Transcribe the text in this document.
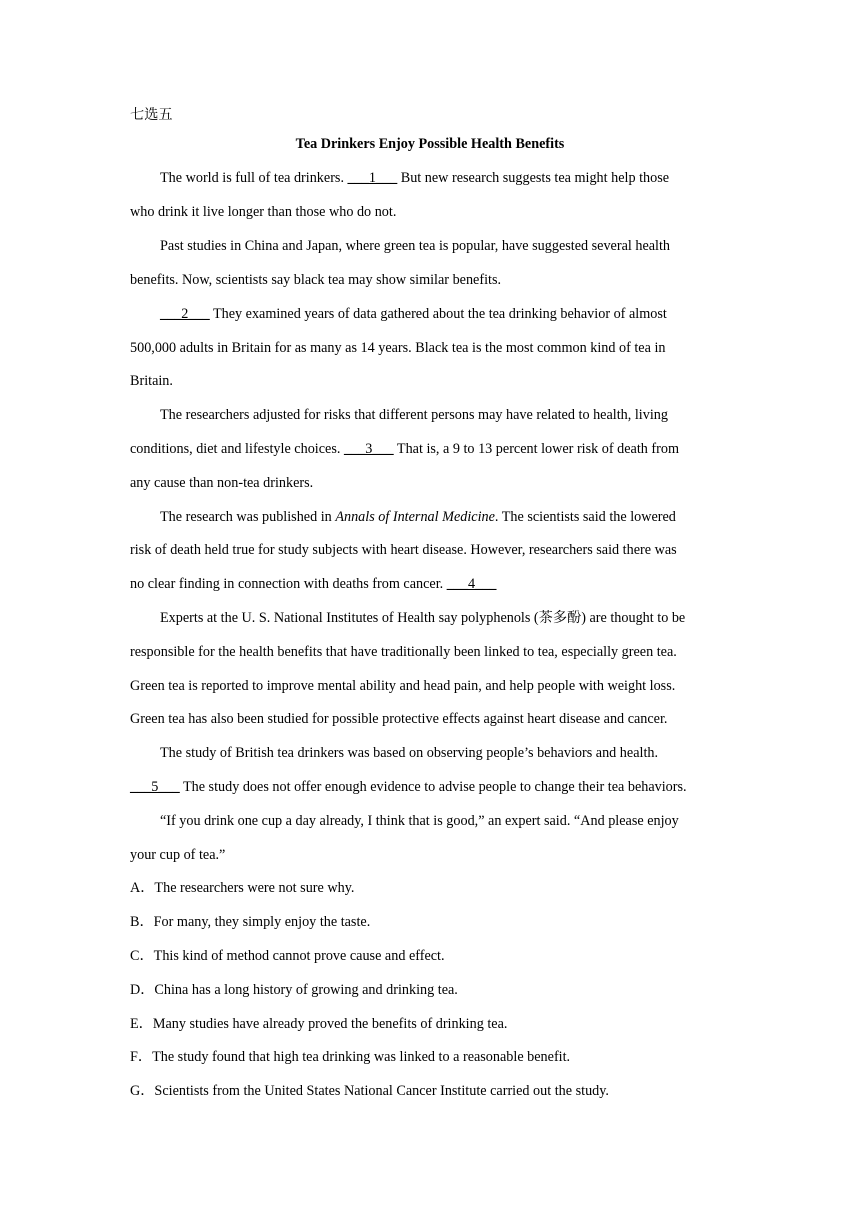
七选五
Tea Drinkers Enjoy Possible Health Benefits
The world is full of tea drinkers. ___1___ But new research suggests tea might help those
who drink it live longer than those who do not.
Past studies in China and Japan, where green tea is popular, have suggested several health
benefits. Now, scientists say black tea may show similar benefits.
___2___ They examined years of data gathered about the tea drinking behavior of almost
500,000 adults in Britain for as many as 14 years. Black tea is the most common kind of tea in
Britain.
The researchers adjusted for risks that different persons may have related to health, living
conditions, diet and lifestyle choices. ___3___ That is, a 9 to 13 percent lower risk of death from
any cause than non-tea drinkers.
The research was published in Annals of Internal Medicine. The scientists said the lowered
risk of death held true for study subjects with heart disease. However, researchers said there was
no clear finding in connection with deaths from cancer. ___4___
Experts at the U. S. National Institutes of Health say polyphenols (茶多酚) are thought to be
responsible for the health benefits that have traditionally been linked to tea, especially green tea.
Green tea is reported to improve mental ability and head pain, and help people with weight loss.
Green tea has also been studied for possible protective effects against heart disease and cancer.
The study of British tea drinkers was based on observing people’s behaviors and health.
___5___ The study does not offer enough evidence to advise people to change their tea behaviors.
“If you drink one cup a day already, I think that is good,” an expert said. “And please enjoy
your cup of tea.”
A．The researchers were not sure why.
B．For many, they simply enjoy the taste.
C．This kind of method cannot prove cause and effect.
D．China has a long history of growing and drinking tea.
E．Many studies have already proved the benefits of drinking tea.
F．The study found that high tea drinking was linked to a reasonable benefit.
G．Scientists from the United States National Cancer Institute carried out the study.
